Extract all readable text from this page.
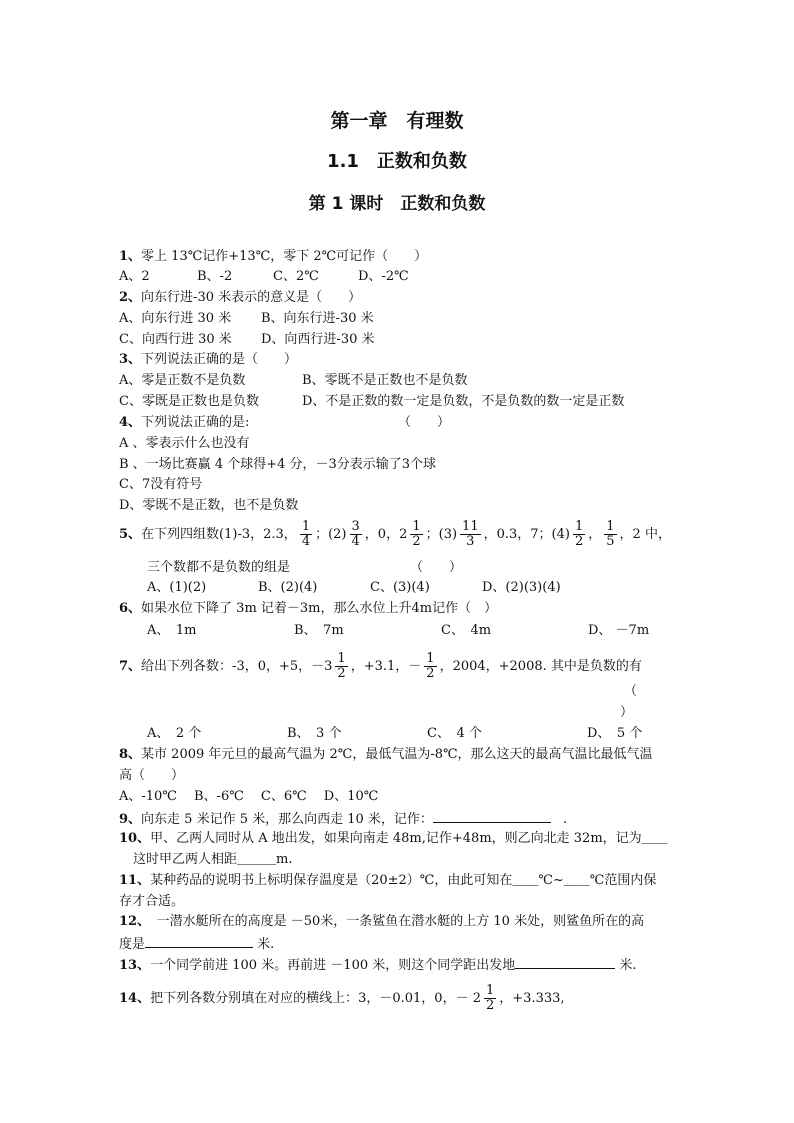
第一章　有理数
1.1　正数和负数
第 1 课时　正数和负数
1、零上 13℃记作+13℃，零下 2℃可记作（　　）
A、2	B、-2	C、2℃	D、-2℃
2、向东行进-30 米表示的意义是（　　）
A、向东行进 30 米 B、向东行进-30 米
C、向西行进 30 米 D、向西行进-30 米
3、下列说法正确的是（　　）
A、零是正数不是负数	B、零既不是正数也不是负数
C、零既是正数也是负数	D、不是正数的数一定是负数，不是负数的数一定是正数
4、下列说法正确的是:	（　　）
A 、零表示什么也没有
B 、一场比赛赢 4 个球得+4 分，－3分表示输了3个球
C、7没有符号
D、零既不是正数，也不是负数
5、在下列四组数(1)-3，2.3， $\frac{1}{4}$ ；$(2) \frac{3}{4}$ ，0，$2 \frac{1}{2}$ ；$(3) \frac{11}{3}$ ，0.3，7；$(4) \frac{1}{2}$ ， $\frac{1}{5}$ ，2 中，
三个数都不是负数的组是	（　　）
A、(1)(2)	B、(2)(4)	C、(3)(4)	D、(2)(3)(4)
6、如果水位下降了 3m 记着－3m，那么水位上升4m记作（　）
A、　1m	B、　7m	C、　4m	D、 －7m
7、给出下列各数：-3，0，+5，$-3 \frac{1}{2}$ ，+3.1，－ $\frac{1}{2}$ ，2004，+2008. 其中是负数的有
（
）
A、　2 个	B、　3 个	C、　4 个	D、　5 个
8、某市 2009 年元旦的最高气温为 2℃，最低气温为-8℃，那么这天的最高气温比最低气温
高（　　）
A、-10℃　 B、-6℃　 C、6℃　 D、10℃
9、向东走 5 米记作 5 米，那么向西走 10 米，记作：	.
10、甲、乙两人同时从 A 地出发，如果向南走 48m,记作+48m，则乙向北走 32m，记为＿＿
这时甲乙两人相距＿＿＿m.
11、某种药品的说明书上标明保存温度是（20±2）℃，由此可知在＿＿℃~＿＿℃范围内保
存才合适。
12、　一潜水艇所在的高度是 －50米，一条鲨鱼在潜水艇的上方 10 米处，则鲨鱼所在的高
度是	米.
13、一个同学前进 100 米。再前进 －100 米，则这个同学距出发地	米.
14、把下列各数分别填在对应的横线上：3，－0.01，0，－ $2 \frac{1}{2}$ ，+3.333,
